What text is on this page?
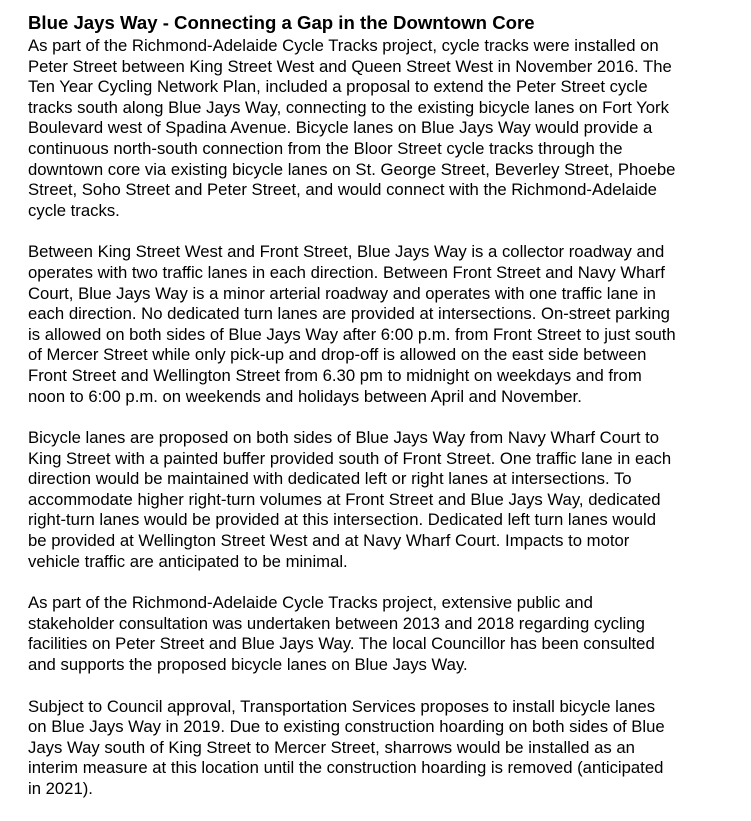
Blue Jays Way - Connecting a Gap in the Downtown Core

As part of the Richmond-Adelaide Cycle Tracks project, cycle tracks were installed on
Peter Street between King Street West and Queen Street West in November 2016. The
Ten Year Cycling Network Plan, included a proposal to extend the Peter Street cycle
tracks south along Blue Jays Way, connecting to the existing bicycle lanes on Fort York
Boulevard west of Spadina Avenue. Bicycle lanes on Blue Jays Way would provide a
continuous north-south connection from the Bloor Street cycle tracks through the
downtown core via existing bicycle lanes on St. George Street, Beverley Street, Phoebe
Street, Soho Street and Peter Street, and would connect with the Richmond-Adelaide
cycle tracks.

Between King Street West and Front Street, Blue Jays Way is a collector roadway and
operates with two traffic lanes in each direction. Between Front Street and Navy Wharf
Court, Blue Jays Way is a minor arterial roadway and operates with one traffic lane in
each direction. No dedicated turn lanes are provided at intersections. On-street parking
is allowed on both sides of Blue Jays Way after 6:00 p.m. from Front Street to just south
of Mercer Street while only pick-up and drop-off is allowed on the east side between
Front Street and Wellington Street from 6.30 pm to midnight on weekdays and from
noon to 6:00 p.m. on weekends and holidays between April and November.

Bicycle lanes are proposed on both sides of Blue Jays Way from Navy Wharf Court to
King Street with a painted buffer provided south of Front Street. One traffic lane in each
direction would be maintained with dedicated left or right lanes at intersections. To
accommodate higher right-turn volumes at Front Street and Blue Jays Way, dedicated
right-turn lanes would be provided at this intersection. Dedicated left turn lanes would
be provided at Wellington Street West and at Navy Wharf Court. Impacts to motor
vehicle traffic are anticipated to be minimal.

As part of the Richmond-Adelaide Cycle Tracks project, extensive public and
stakeholder consultation was undertaken between 2013 and 2018 regarding cycling
facilities on Peter Street and Blue Jays Way. The local Councillor has been consulted
and supports the proposed bicycle lanes on Blue Jays Way.

Subject to Council approval, Transportation Services proposes to install bicycle lanes
on Blue Jays Way in 2019. Due to existing construction hoarding on both sides of Blue
Jays Way south of King Street to Mercer Street, sharrows would be installed as an
interim measure at this location until the construction hoarding is removed (anticipated
in 2021).
